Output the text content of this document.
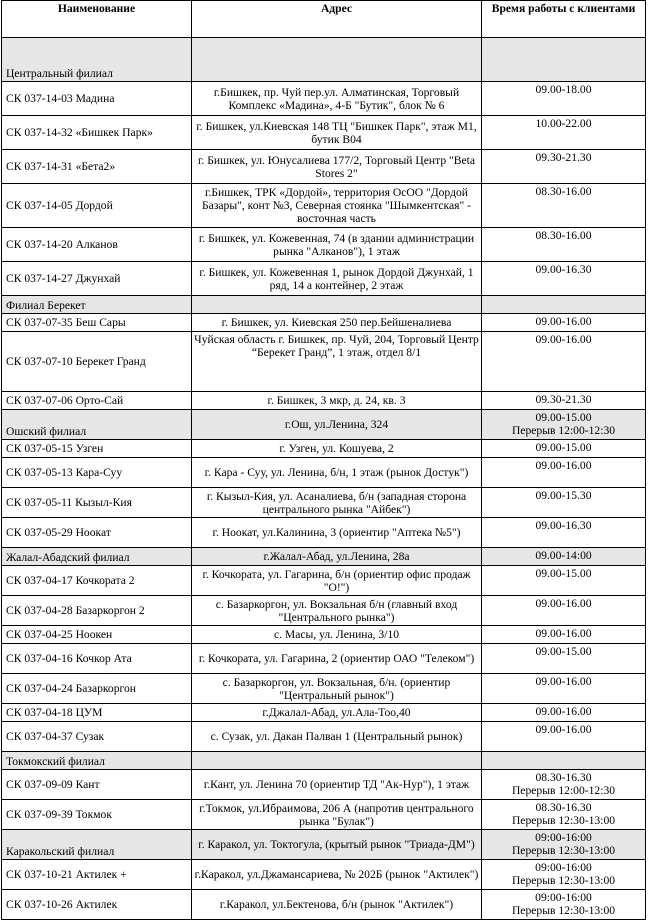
Наименование	Адрес	Время работы с клиентами
Центральный филиал		
СК 037-14-03 Мадина	г.Бишкек, пр. Чуй пер.ул. Алматинская, Торговый Комплекс «Мадина», 4-Б "Бутик", блок № 6	09.00-18.00
СК 037-14-32 «Бишкек Парк»	г. Бишкек, ул.Киевская 148 ТЦ "Бишкек Парк", этаж М1, бутик В04	10.00-22.00
СК 037-14-31 «Бета2»	г. Бишкек, ул. Юнусалиева 177/2, Торговый Центр "Beta Stores 2"	09.30-21.30
СК 037-14-05 Дордой	г.Бишкек, ТРК «Дордой», территория ОсОО "Дордой Базары", конт №3, Северная стоянка "Шымкентская" - восточная часть	08.30-16.00
СК 037-14-20 Алканов	г. Бишкек, ул. Кожевенная, 74 (в здании администрации рынка "Алканов"), 1 этаж	08.30-16.00
СК 037-14-27 Джунхай	г. Бишкек, ул. Кожевенная 1, рынок Дордой Джунхай, 1 ряд, 14 а контейнер, 2 этаж	09.00-16.30
Филиал Берекет		
СК 037-07-35 Беш Сары	г. Бишкек, ул. Киевская 250 пер.Бейшеналиева	09.00-16.00
СК 037-07-10 Берекет Гранд	Чуйская область г. Бишкек, пр. Чуй, 204, Торговый Центр “Берекет Гранд”, 1 этаж, отдел 8/1	09.00-16.00
СК 037-07-06 Орто-Сай	г. Бишкек, 3 мкр, д. 24, кв. 3	09.30-21.30
Ошский филиал	г.Ош, ул.Ленина, 324	09.00-15.00
Перерыв 12:00-12:30

СК 037-05-15 Узген	г. Узген, ул. Кошуева, 2	09.00-15.00
СК 037-05-13 Кара-Суу	г. Кара - Суу, ул. Ленина, б/н, 1 этаж (рынок Достук")	09.00-16.00
СК 037-05-11 Кызыл-Кия	г. Кызыл-Кия, ул. Асаналиева, б/н (западная сторона центрального рынка "Айбек")	09.00-15.30
СК 037-05-29 Ноокат	г. Ноокат, ул.Калинина, 3 (ориентир "Аптека №5")	09.00-16.30
Жалал-Абадский филиал	г.Жалал-Абад, ул.Ленина, 28а	09.00-14:00
СК 037-04-17 Кочкората 2	г. Кочкората, ул. Гагарина, б/н (ориентир офис продаж "О!")	09.00-15.00
СК 037-04-28 Базаркоргон 2	с. Базаркоргон, ул. Вокзальная б/н (главный вход "Центрального рынка")	09.00-16.00
СК 037-04-25 Ноокен	с. Масы, ул. Ленина, 3/10	09.00-16.00
СК 037-04-16 Кочкор Ата	г. Кочкората, ул. Гагарина, 2 (ориентир ОАО "Телеком")	09.00-15.00
СК 037-04-24 Базаркоргон	с. Базаркоргон, ул. Вокзальная, б/н. (ориентир "Центральный рынок")	09.00-16.00
СК 037-04-18 ЦУМ	г.Джалал-Абад, ул.Ала-Тоо,40	09.00-16.00
СК 037-04-37 Сузак	с. Сузак, ул. Дакан Палван 1 (Центральный рынок)	09.00-16.00
Токмокский филиал		
СК 037-09-09 Кант	г.Кант, ул. Ленина 70 (ориентир ТД "Ак-Нур"), 1 этаж	08.30-16.30
Перерыв 12:00-12:30

СК 037-09-39 Токмок	г.Токмок, ул.Ибраимова, 206 А (напротив центрального рынка "Булак")	08.30-16.30
Перерыв 12:30-13:00

Каракольский филиал	г. Каракол, ул. Токтогула, (крытый рынок "Триада-ДМ")	09:00-16:00
Перерыв 12:30-13:00

СК 037-10-21 Актилек +	г.Каракол, ул.Джамансариева, № 202Б (рынок "Актилек")	09:00-16:00
Перерыв 12:30-13:00

СК 037-10-26 Актилек	г.Каракол, ул.Бектенова, б/н (рынок "Актилек")	09:00-16:00
Перерыв 12:30-13:00
